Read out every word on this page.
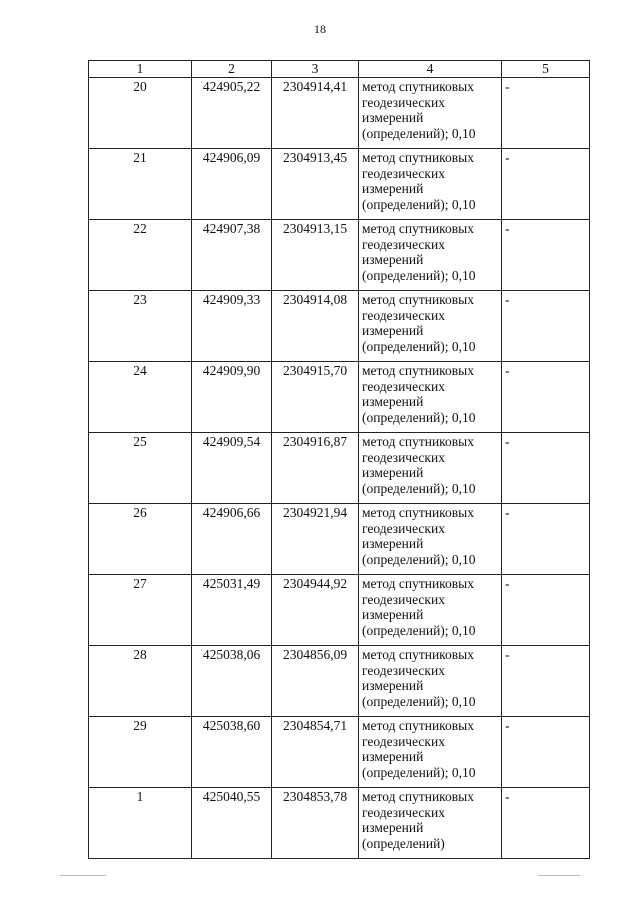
18
1	2	3	4	5
20	424905,22	2304914,41	метод спутниковых
геодезических
измерений
(определений); 0,10	-
21	424906,09	2304913,45	метод спутниковых
геодезических
измерений
(определений); 0,10	-
22	424907,38	2304913,15	метод спутниковых
геодезических
измерений
(определений); 0,10	-
23	424909,33	2304914,08	метод спутниковых
геодезических
измерений
(определений); 0,10	-
24	424909,90	2304915,70	метод спутниковых
геодезических
измерений
(определений); 0,10	-
25	424909,54	2304916,87	метод спутниковых
геодезических
измерений
(определений); 0,10	-
26	424906,66	2304921,94	метод спутниковых
геодезических
измерений
(определений); 0,10	-
27	425031,49	2304944,92	метод спутниковых
геодезических
измерений
(определений); 0,10	-
28	425038,06	2304856,09	метод спутниковых
геодезических
измерений
(определений); 0,10	-
29	425038,60	2304854,71	метод спутниковых
геодезических
измерений
(определений); 0,10	-
1	425040,55	2304853,78	метод спутниковых
геодезических
измерений
(определений)	-
